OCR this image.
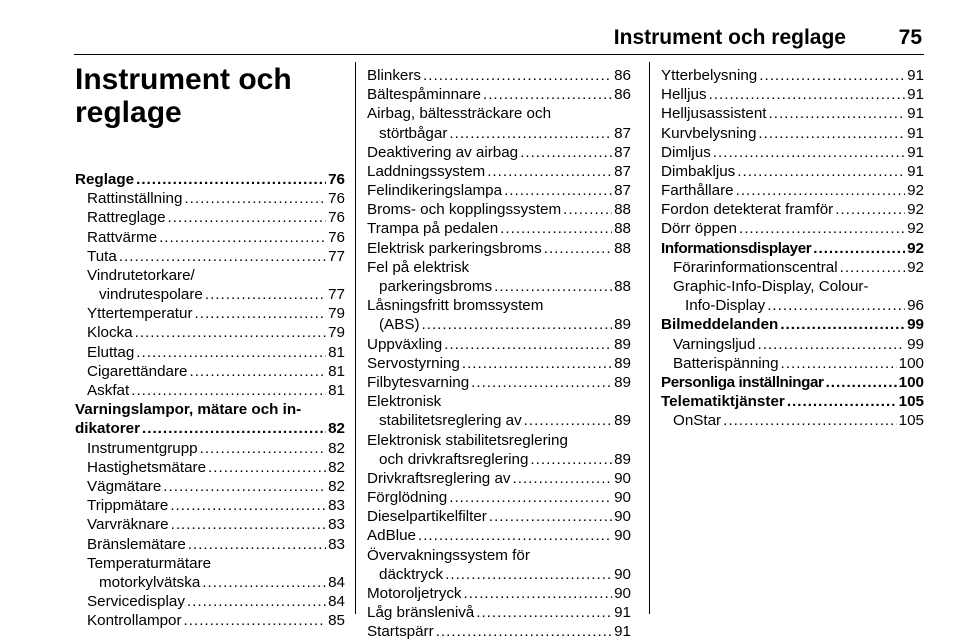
Instrument och reglage	75
Instrument och
reglage
Reglage .....	76
Rattinställning .....	76
Rattreglage .....	76
Rattvärme .....	76
Tuta .....	77
Vindrutetorkare/
vindrutespolare .....	77
Yttertemperatur .....	79
Klocka .....	79
Eluttag .....	81
Cigarettändare .....	81
Askfat .....	81
Varningslampor, mätare och in-
dikatorer .....	82
Instrumentgrupp .....	82
Hastighetsmätare .....	82
Vägmätare .....	82
Trippmätare .....	83
Varvräknare .....	83
Bränslemätare .....	83
Temperaturmätare
motorkylvätska .....	84
Servicedisplay .....	84
Kontrollampor .....	85
Blinkers .....	86
Bältespåminnare .....	86
Airbag, bältessträckare och
störtbågar .....	87
Deaktivering av airbag .....	87
Laddningssystem .....	87
Felindikeringslampa .....	87
Broms- och kopplingssystem .....	88
Trampa på pedalen .....	88
Elektrisk parkeringsbroms .....	88
Fel på elektrisk
parkeringsbroms .....	88
Låsningsfritt bromssystem
(ABS) .....	89
Uppväxling .....	89
Servostyrning .....	89
Filbytesvarning .....	89
Elektronisk
stabilitetsreglering av .....	89
Elektronisk stabilitetsreglering
och drivkraftsreglering .....	89
Drivkraftsreglering av .....	90
Förglödning .....	90
Dieselpartikelfilter .....	90
AdBlue .....	90
Övervakningssystem för
däcktryck .....	90
Motoroljetryck .....	90
Låg bränslenivå .....	91
Startspärr .....	91
Ytterbelysning .....	91
Helljus .....	91
Helljusassistent .....	91
Kurvbelysning .....	91
Dimljus .....	91
Dimbakljus .....	91
Farthållare .....	92
Fordon detekterat framför .....	92
Dörr öppen .....	92
Informationsdisplayer .....	92
Förarinformationscentral .....	92
Graphic-Info-Display, Colour-
Info-Display .....	96
Bilmeddelanden .....	99
Varningsljud .....	99
Batterispänning .....	100
Personliga inställningar .....	100
Telematiktjänster .....	105
OnStar .....	105
